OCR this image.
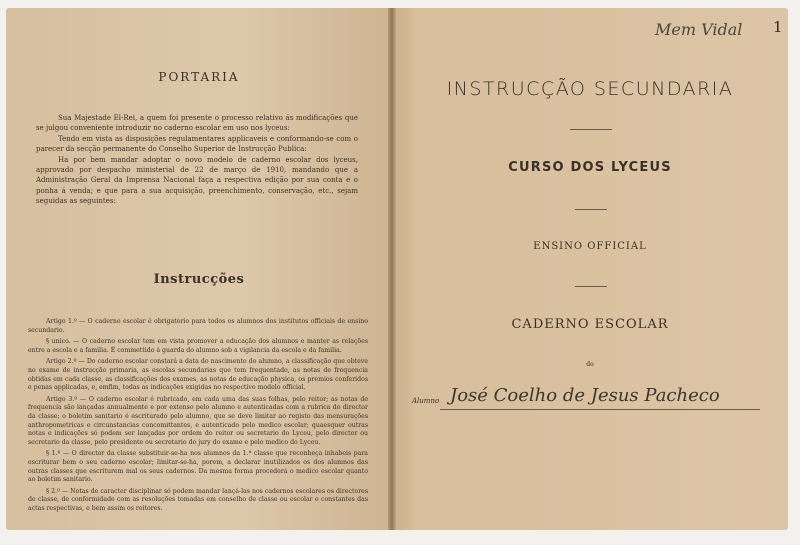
PORTARIA

Sua Majestade El-Rei, a quem foi presente o processo relativo ás modificações que se julgou conveniente introduzir no caderno escolar em uso nos lyceus:

Tendo em vista as disposições regulamentares applicaveis e conformando-se com o parecer da secção permanente do Conselho Superior de Instrucção Publica:

Ha por bem mandar adoptar o novo modelo de caderno escolar dos lyceus, approvado por despacho ministerial de 22 de março de 1910, mandando que a Administração Geral da Imprensa Nacional faça a respectiva edição por sua conta e o ponha á venda; e que para a sua acquisição, preenchimento, conservação, etc., sejam seguidas as seguintes:

Instrucções

Artigo 1.º — O caderno escolar é obrigatorio para todos os alumnos dos institutos officiais de ensino secundario.

§ unico. — O caderno escolar tem em vista promover a educação dos alumnos e manter as relações entre a escola e a familia. É commettido á guarda do alumno sob a vigilancia da escola e da familia.

Artigo 2.º — Do caderno escolar constará a data do nascimento do alumno, a classificação que obteve no exame de instrucção primaria, as escolas secundarias que tem frequentado, as notas de frequencia obtidas em cada classe, as classificações dos exames, as notas de educação physica, os premios conferidos e penas applicadas, e, emfim, todas as indicações exigidas no respectivo modelo official.

Artigo 3.º — O caderno escolar é rubricado, em cada uma das suas folhas, pelo reitor; as notas de frequencia são lançadas annualmente e por extenso pelo alumno e autenticadas com a rubrica do director da classe; o boletim sanitario é escriturado pelo alumno, que se deve limitar ao registo das mensurações anthropometricas e circunstancias concomittantes, e autenticado pelo medico escolar; quaesquer outras notas e indicações só podem ser lançadas por ordem do reitor ou secretario do Lyceu, pelo director ou secretario da classe, pelo presidente ou secretario do jury do exame e pelo medico do Lyceu.

§ 1.º — O director da classe substituir-se-ha nos alumnos da 1.ª classe que reconheça inhabeis para escriturar bem o seu caderno escolar; limitar-se-ha, porem, a declarar inutilizados os dos alumnos das outras classes que escriturem mal os seus cadernos. Da mesma forma procederá o medico escolar quanto ao boletim sanitario.

§ 2.º — Notas de caracter disciplinar só podem mandar lançá-las nos cadernos escolares os directores de classe, de conformidade com as resoluções tomadas em conselho de classe ou escolar e constantes das actas respectivas, e bem assim os reitores.

Mem Vidal 1
INSTRUCÇÃO SECUNDARIA
CURSO DOS LYCEUS
ENSINO OFFICIAL
CADERNO ESCOLAR
do
Alumno José Coelho de Jesus Pacheco
